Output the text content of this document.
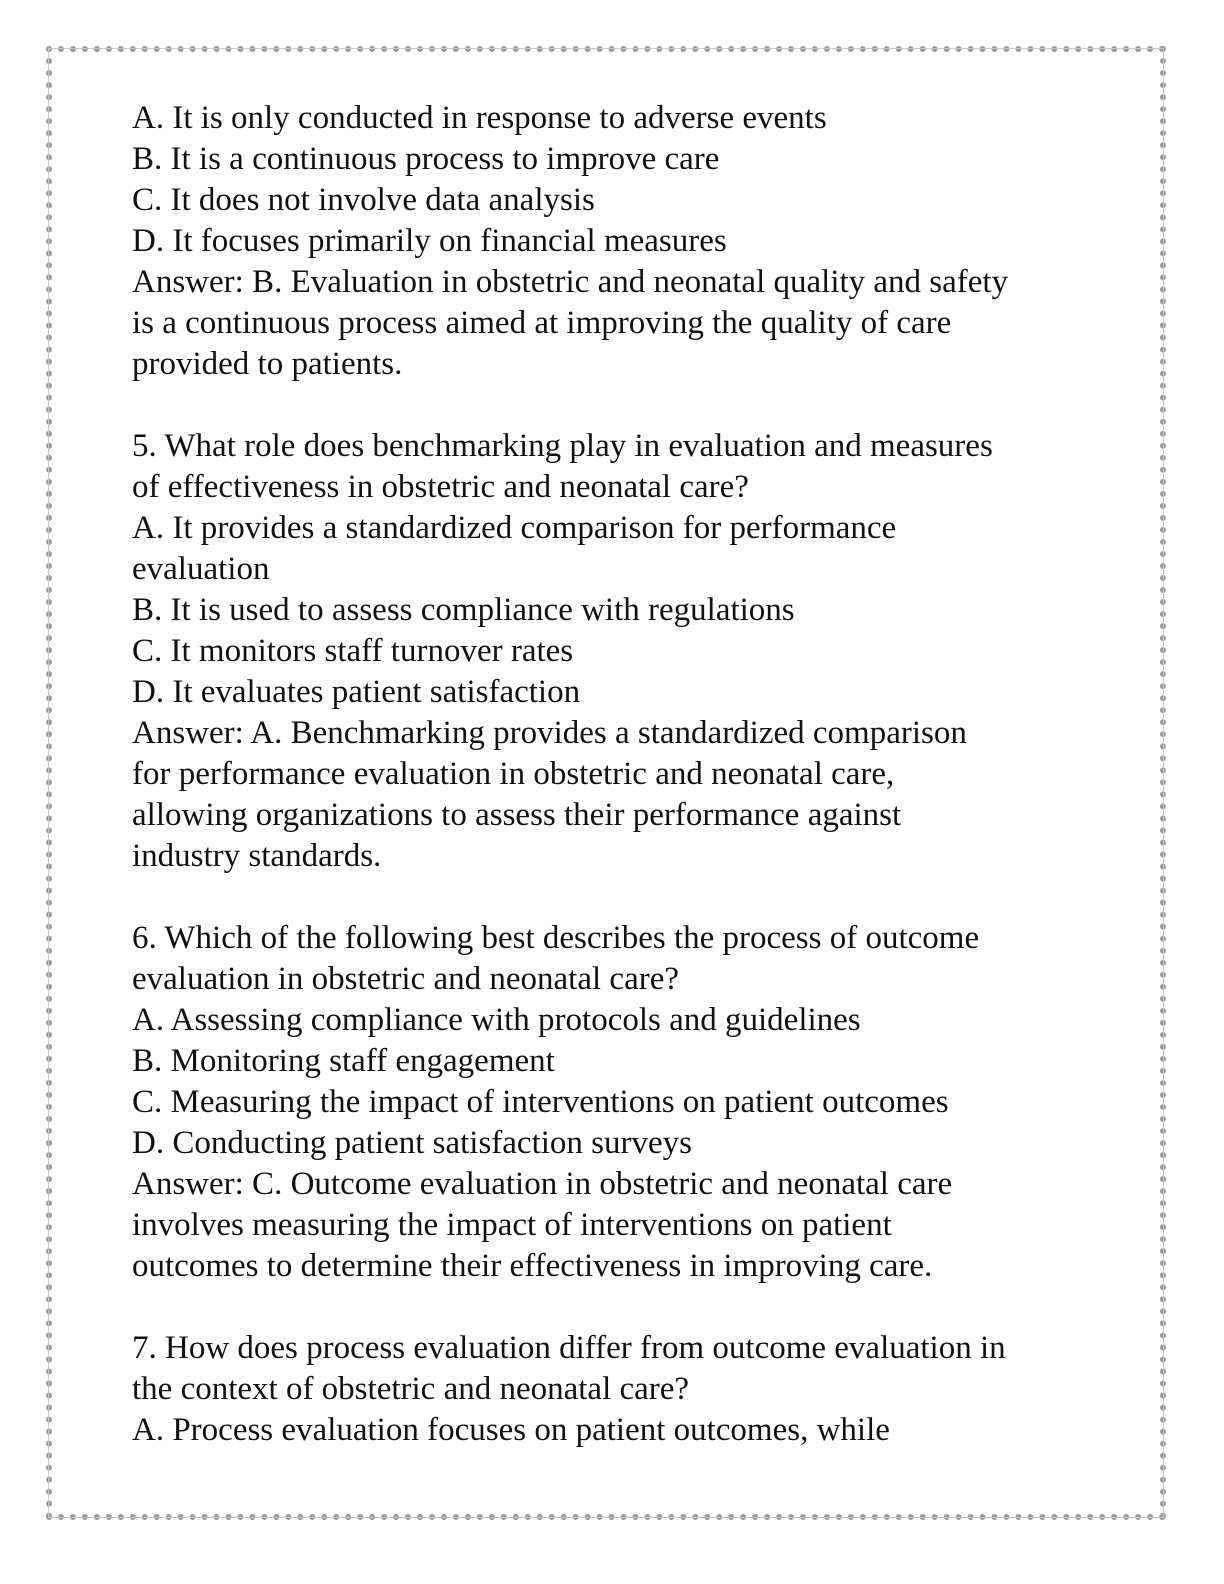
A. It is only conducted in response to adverse events
B. It is a continuous process to improve care
C. It does not involve data analysis
D. It focuses primarily on financial measures
Answer: B. Evaluation in obstetric and neonatal quality and safety
is a continuous process aimed at improving the quality of care
provided to patients.
5. What role does benchmarking play in evaluation and measures
of effectiveness in obstetric and neonatal care?
A. It provides a standardized comparison for performance
evaluation
B. It is used to assess compliance with regulations
C. It monitors staff turnover rates
D. It evaluates patient satisfaction
Answer: A. Benchmarking provides a standardized comparison
for performance evaluation in obstetric and neonatal care,
allowing organizations to assess their performance against
industry standards.
6. Which of the following best describes the process of outcome
evaluation in obstetric and neonatal care?
A. Assessing compliance with protocols and guidelines
B. Monitoring staff engagement
C. Measuring the impact of interventions on patient outcomes
D. Conducting patient satisfaction surveys
Answer: C. Outcome evaluation in obstetric and neonatal care
involves measuring the impact of interventions on patient
outcomes to determine their effectiveness in improving care.
7. How does process evaluation differ from outcome evaluation in
the context of obstetric and neonatal care?
A. Process evaluation focuses on patient outcomes, while
